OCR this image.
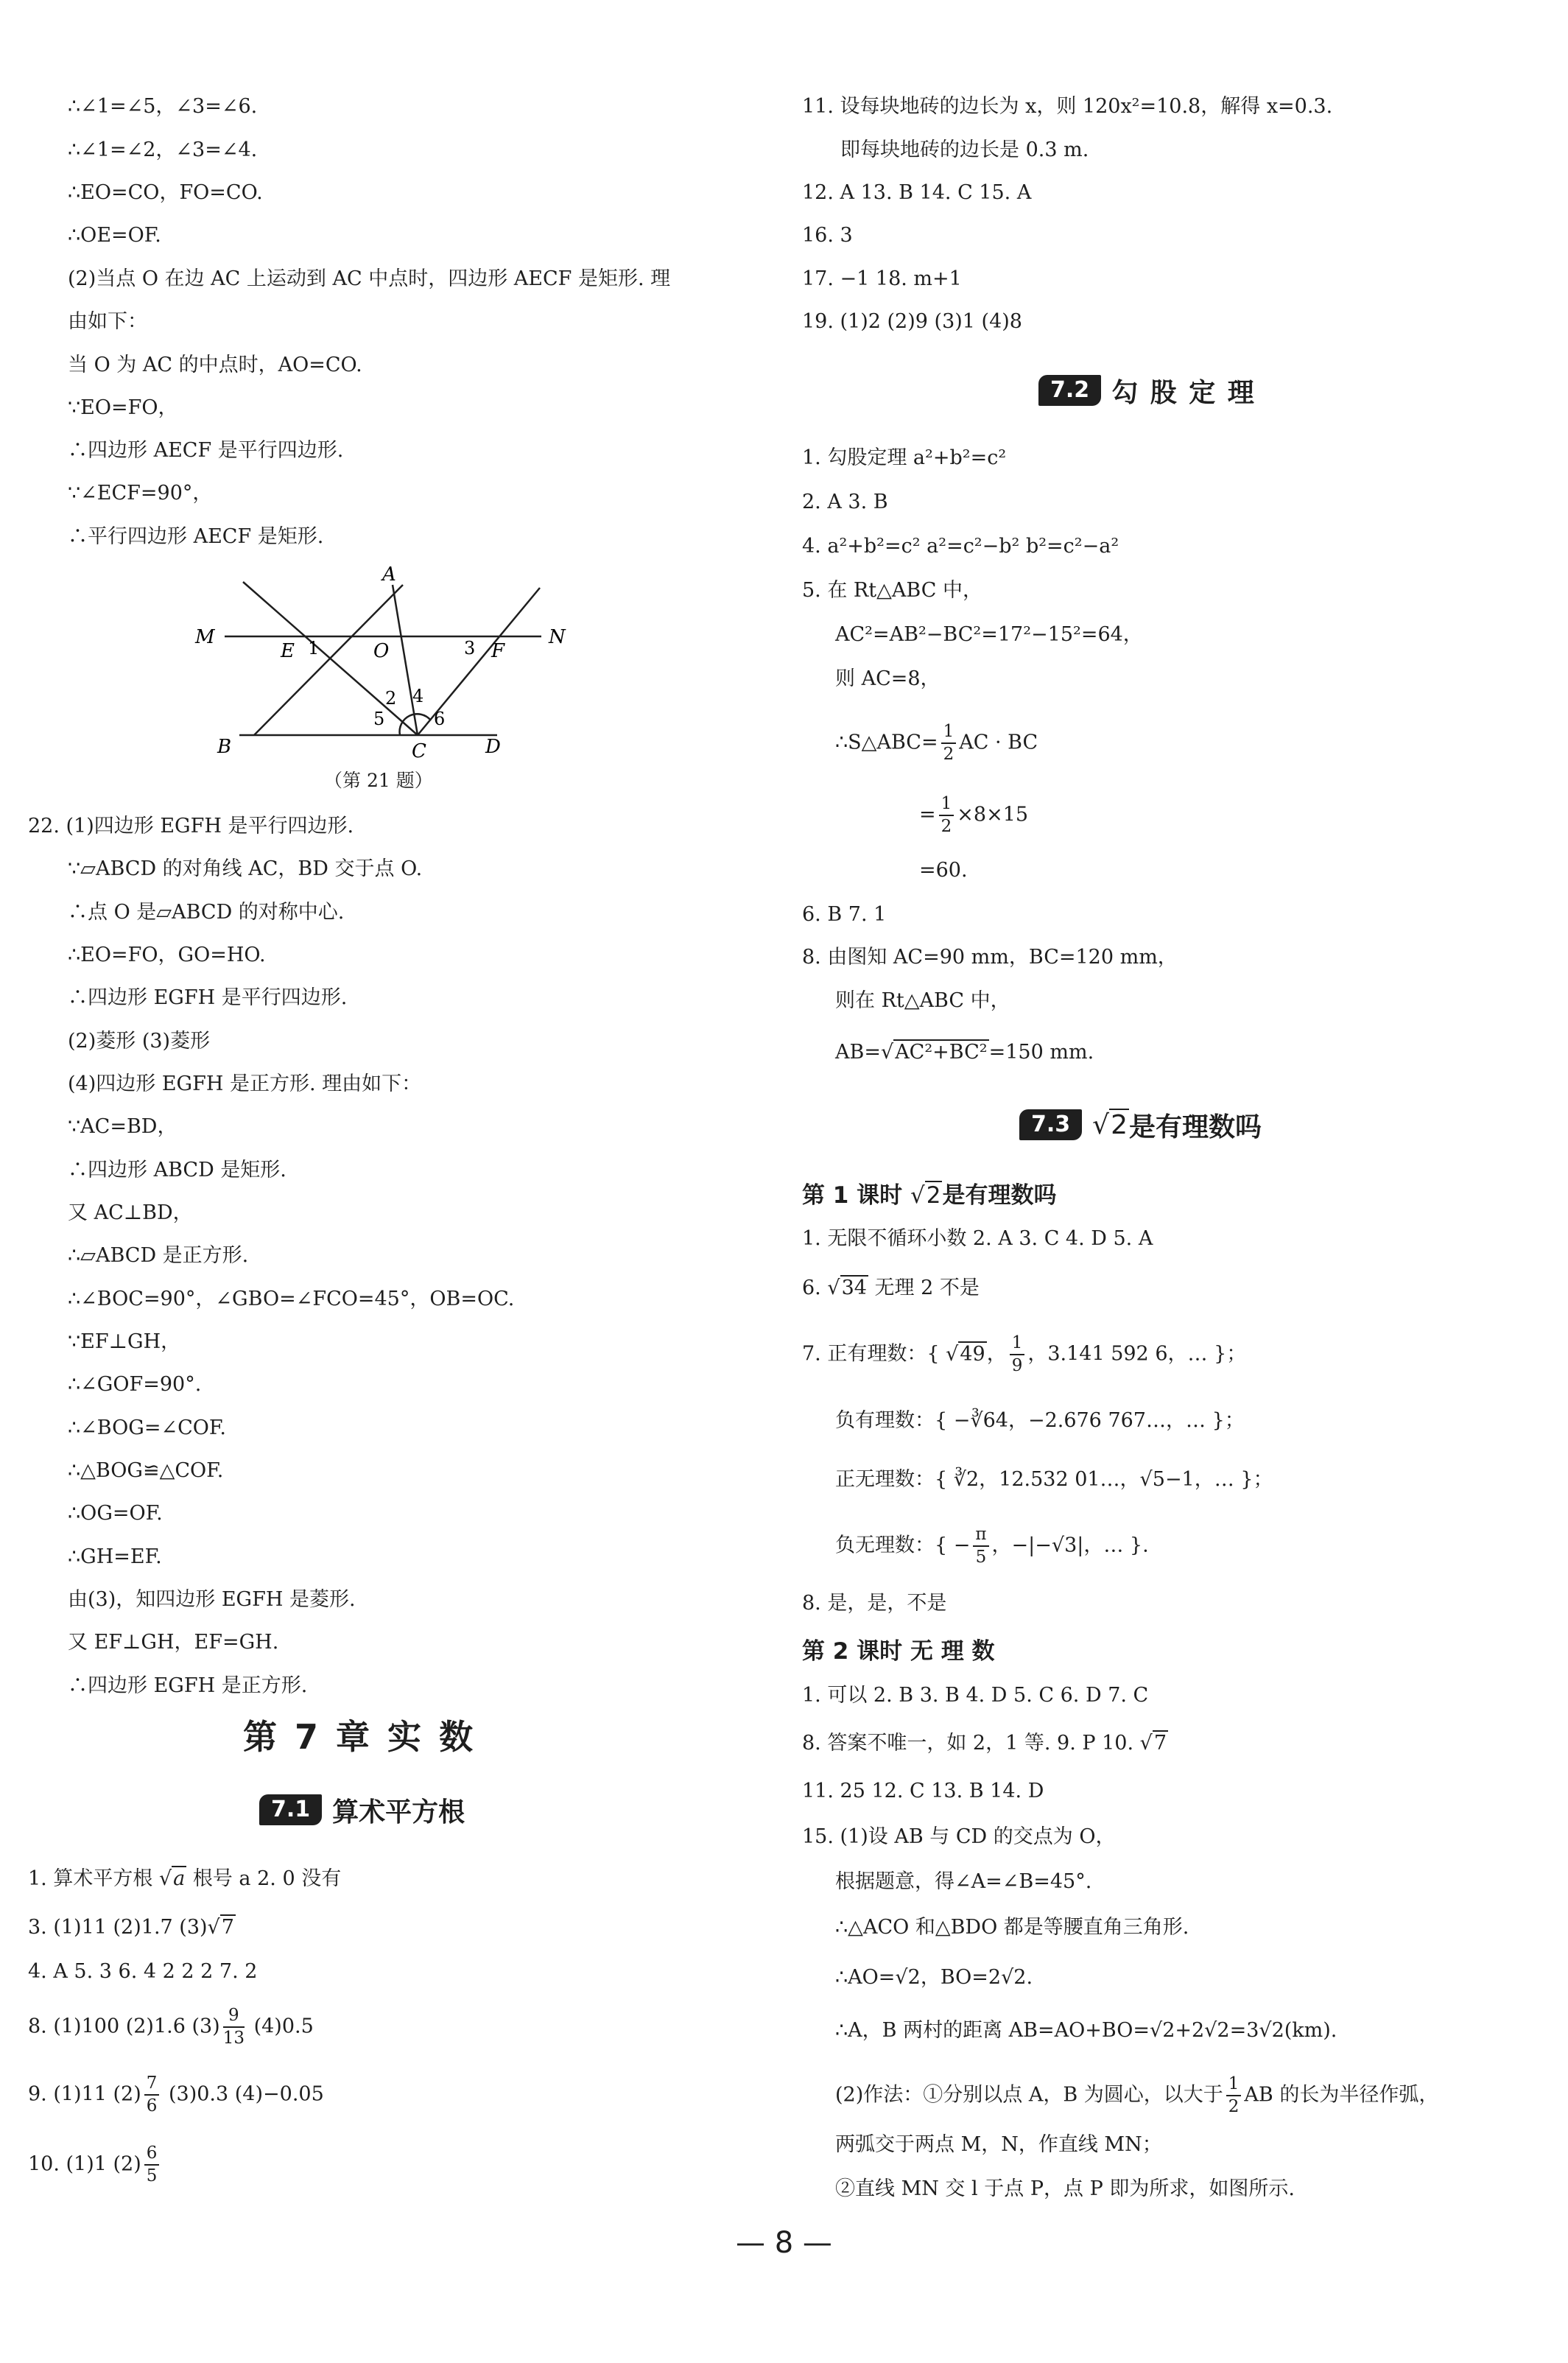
∴∠1=∠5，∠3=∠6.
∴∠1=∠2，∠3=∠4.
∴EO=CO，FO=CO.
∴OE=OF.
(2)当点 O 在边 AC 上运动到 AC 中点时，四边形 AECF 是矩形. 理
由如下：
当 O 为 AC 的中点时，AO=CO.
∵EO=FO，
∴四边形 AECF 是平行四边形.
∵∠ECF=90°，
∴平行四边形 AECF 是矩形.
A
M	N
E 1	O	3 F
2 4
5	6
B	C	D
（第 21 题）
22. (1)四边形 EGFH 是平行四边形.
∵▱ABCD 的对角线 AC，BD 交于点 O.
∴点 O 是▱ABCD 的对称中心.
∴EO=FO，GO=HO.
∴四边形 EGFH 是平行四边形.
(2)菱形 (3)菱形
(4)四边形 EGFH 是正方形. 理由如下：
∵AC=BD，
∴四边形 ABCD 是矩形.
又 AC⊥BD，
∴▱ABCD 是正方形.
∴∠BOC=90°，∠GBO=∠FCO=45°，OB=OC.
∵EF⊥GH，
∴∠GOF=90°.
∴∠BOG=∠COF.
∴△BOG≌△COF.
∴OG=OF.
∴GH=EF.
由(3)，知四边形 EGFH 是菱形.
又 EF⊥GH，EF=GH.
∴四边形 EGFH 是正方形.
第 7 章 实 数
7.1 算术平方根
1. 算术平方根 √a 根号 a 2. 0 没有
3. (1)11 (2)1.7 (3)√7
4. A 5. 3 6. 4 2 2 2 7. 2
8. (1)100 (2)1.6 $(3) \frac{9}{13} (4)0.5$
9. (1)11 $(2) \frac{7}{6} (3)0.3$ (4)−0.05
10. (1)1 $(2) \frac{6}{5}$
11. 设每块地砖的边长为 x，则 120x²=10.8，解得 x=0.3.
即每块地砖的边长是 0.3 m.
12. A 13. B 14. C 15. A
16. 3
17. −1 18. m+1
19. (1)2 (2)9 (3)1 (4)8
7.2 勾 股 定 理
1. 勾股定理 a²+b²=c²
2. A 3. B
4. a²+b²=c² a²=c²−b² b²=c²−a²
5. 在 Rt△ABC 中，
AC²=AB²−BC²=17²−15²=64，
则 AC=8，
∴S△ABC= $\frac{1}{2}$ AC · BC
= $\frac{1}{2} \times 8\times 15$
=60.
6. B 7. 1
8. 由图知 AC=90 mm，BC=120 mm，
则在 Rt△ABC 中，
AB=√AC²+BC²=150 mm.
7.3 √2 是有理数吗
第 1 课时 √2是有理数吗
1. 无限不循环小数 2. A 3. C 4. D 5. A
6. √34 无理 2 不是
7. 正有理数：{ √49， $\frac{1}{9}$ ，3.141 592 6，… }；
负有理数：{ −∛64，−2.676 767…，… }；
正无理数：{ ∛2，12.532 01…，√5−1，… }；
负无理数：{ − $\frac{\pi}{5}$ ，−|−√3|，… }.
8. 是，是，不是
第 2 课时 无 理 数
1. 可以 2. B 3. B 4. D 5. C 6. D 7. C
8. 答案不唯一，如 2，1 等. 9. P 10. √7
11. 25 12. C 13. B 14. D
15. (1)设 AB 与 CD 的交点为 O，
根据题意，得∠A=∠B=45°.
∴△ACO 和△BDO 都是等腰直角三角形.
∴AO=√2，BO=2√2.
∴A，B 两村的距离 AB=AO+BO=√2+2√2=3√2(km).
(2)作法：①分别以点 A，B 为圆心，以大于 $\frac{1}{2}$ AB 的长为半径作弧，
两弧交于两点 M，N，作直线 MN；
②直线 MN 交 l 于点 P，点 P 即为所求，如图所示.
— 8 —
